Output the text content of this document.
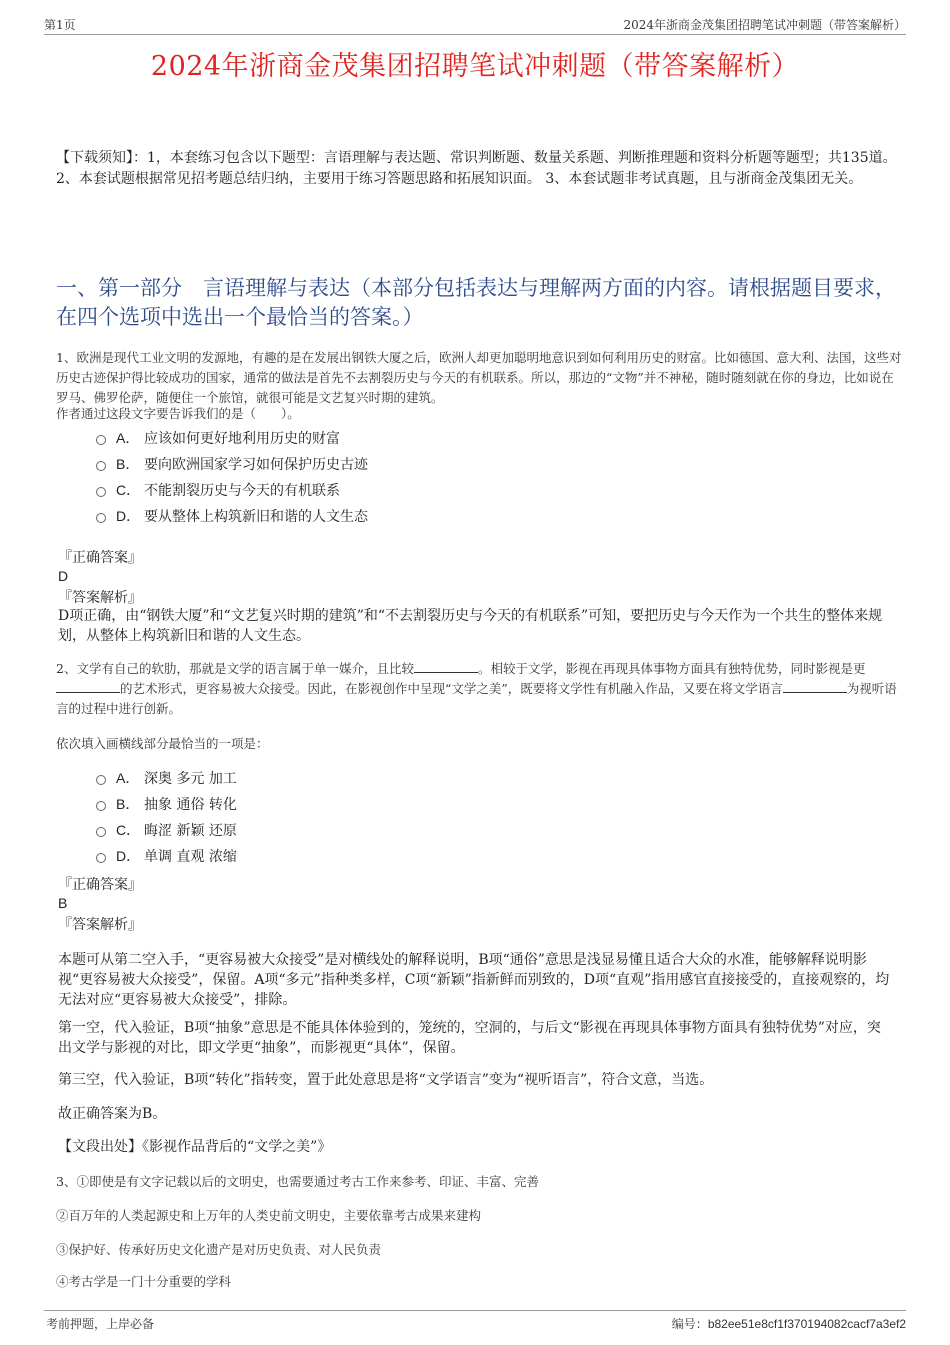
第1页	2024年浙商金茂集团招聘笔试冲刺题（带答案解析）
2024年浙商金茂集团招聘笔试冲刺题（带答案解析）
【下载须知】：1，本套练习包含以下题型：言语理解与表达题、常识判断题、数量关系题、判断推理题和资料分析题等题型；共135道。 2、本套试题根据常见招考题总结归纳，主要用于练习答题思路和拓展知识面。 3、本套试题非考试真题，且与浙商金茂集团无关。
一、第一部分　言语理解与表达（本部分包括表达与理解两方面的内容。请根据题目要求，在四个选项中选出一个最恰当的答案。）
1、欧洲是现代工业文明的发源地，有趣的是在发展出钢铁大厦之后，欧洲人却更加聪明地意识到如何利用历史的财富。比如德国、意大利、法国，这些对历史古迹保护得比较成功的国家，通常的做法是首先不去割裂历史与今天的有机联系。所以，那边的“文物”并不神秘，随时随刻就在你的身边，比如说在罗马、佛罗伦萨，随便住一个旅馆，就很可能是文艺复兴时期的建筑。
作者通过这段文字要告诉我们的是（　　）。
A． 应该如何更好地利用历史的财富
B． 要向欧洲国家学习如何保护历史古迹
C． 不能割裂历史与今天的有机联系
D． 要从整体上构筑新旧和谐的人文生态
『正确答案』
D
『答案解析』
D项正确，由“钢铁大厦”和“文艺复兴时期的建筑”和“不去割裂历史与今天的有机联系”可知，要把历史与今天作为一个共生的整体来规划，从整体上构筑新旧和谐的人文生态。
2、文学有自己的软肋，那就是文学的语言属于单一媒介，且比较	。相较于文学，影视在再现具体事物方面具有独特优势，同时影视是更的艺术形式，更容易被大众接受。因此，在影视创作中呈现“文学之美”，既要将文学性有机融入作品，又要在将文学语言	为视听语言的过程中进行创新。
依次填入画横线部分最恰当的一项是：
A． 深奥 多元 加工
B． 抽象 通俗 转化
C． 晦涩 新颖 还原
D． 单调 直观 浓缩
『正确答案』
B
『答案解析』
本题可从第二空入手，“更容易被大众接受”是对横线处的解释说明，B项“通俗”意思是浅显易懂且适合大众的水准，能够解释说明影视“更容易被大众接受”，保留。A项“多元”指种类多样，C项“新颖”指新鲜而别致的，D项“直观”指用感官直接接受的，直接观察的，均无法对应“更容易被大众接受”，排除。
第一空，代入验证，B项“抽象”意思是不能具体体验到的，笼统的，空洞的，与后文“影视在再现具体事物方面具有独特优势”对应，突出文学与影视的对比，即文学更“抽象”，而影视更“具体”，保留。
第三空，代入验证，B项“转化”指转变，置于此处意思是将“文学语言”变为“视听语言”，符合文意，当选。
故正确答案为B。
【文段出处】《影视作品背后的“文学之美”》
3、①即使是有文字记载以后的文明史，也需要通过考古工作来参考、印证、丰富、完善
②百万年的人类起源史和上万年的人类史前文明史，主要依靠考古成果来建构
③保护好、传承好历史文化遗产是对历史负责、对人民负责
④考古学是一门十分重要的学科
考前押题，上岸必备	编号：b82ee51e8cf1f370194082cacf7a3ef2
